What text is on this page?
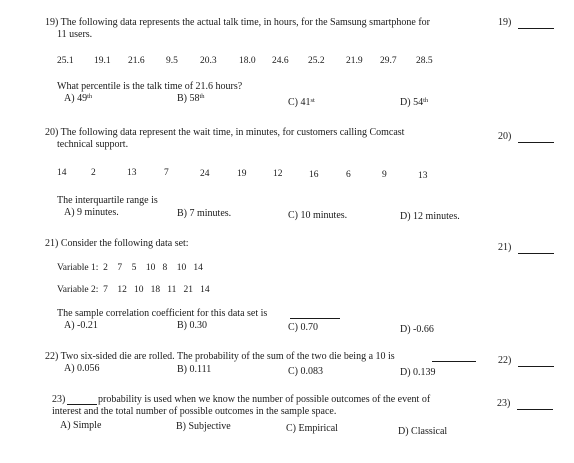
19) The following data represents the actual talk time, in hours, for the Samsung smartphone for
11 users.
19)
25.1 19.1 21.6 9.5 20.3 18.0 24.6 25.2 21.9 29.7 28.5
What percentile is the talk time of 21.6 hours?
A) 49th	B) 58th
C) 41st	D) 54th
20) The following data represent the wait time, in minutes, for customers calling Comcast
technical support.
20)
14	2	13	7	24	19	12	16	6	9	13
The interquartile range is
A) 9 minutes.	B) 7 minutes.	C) 10 minutes.	D) 12 minutes.
21) Consider the following data set:	21)
Variable 1:  2    7    5    10   8    10   14
Variable 2:  7    12   10   18   11   21   14
The sample correlation coefficient for this data set is
A) -0.21	B) 0.30	C) 0.70	D) -0.66
22) Two six-sided die are rolled. The probability of the sum of the two die being a 10 is	22)
A) 0.056	B) 0.111	C) 0.083	D) 0.139
23)	probability is used when we know the number of possible outcomes of the event of
interest and the total number of possible outcomes in the sample space.
23)
A) Simple	B) Subjective	C) Empirical	D) Classical
